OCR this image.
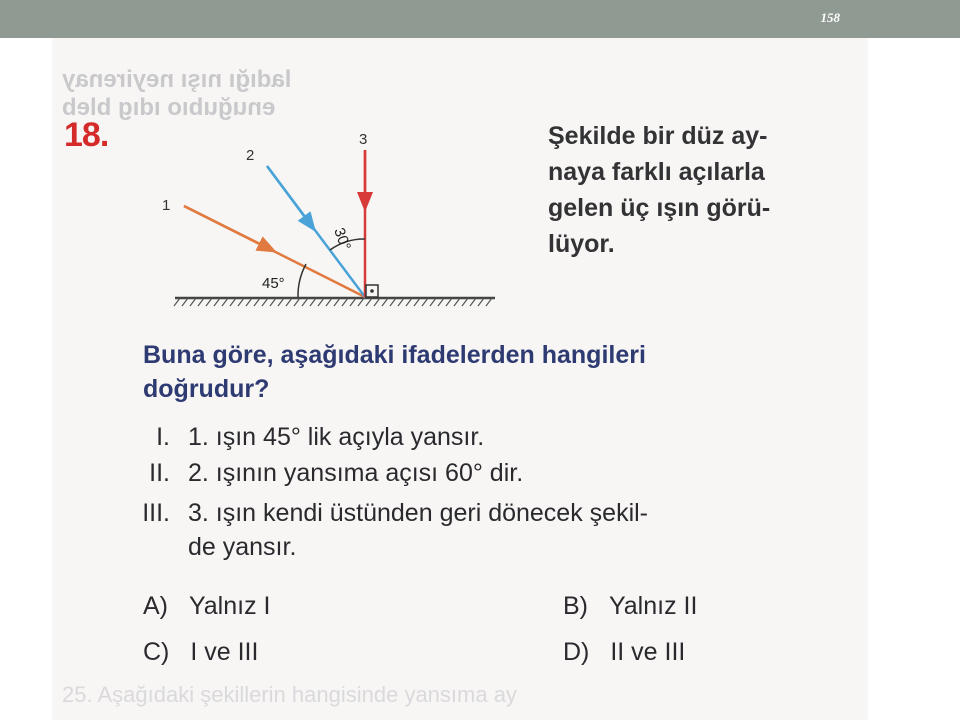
158
ladığı nışı neyirenay
enuğubıo ıdıg bleb
25. Aşağıdaki şekillerin hangisinde yansıma ay
18.	Şekilde bir düz ay-
naya farklı açılarla
gelen üç ışın görü-
lüyor.
1
2
3
45°
30°
Buna göre, aşağıdaki ifadelerden hangileri
doğrudur?
I. 1. ışın 45° lik açıyla yansır.
II. 2. ışının yansıma açısı 60° dir.
III. 3. ışın kendi üstünden geri dönecek şekil-
de yansır.
A) Yalnız I	B) Yalnız II
C) I ve III	D) II ve III
